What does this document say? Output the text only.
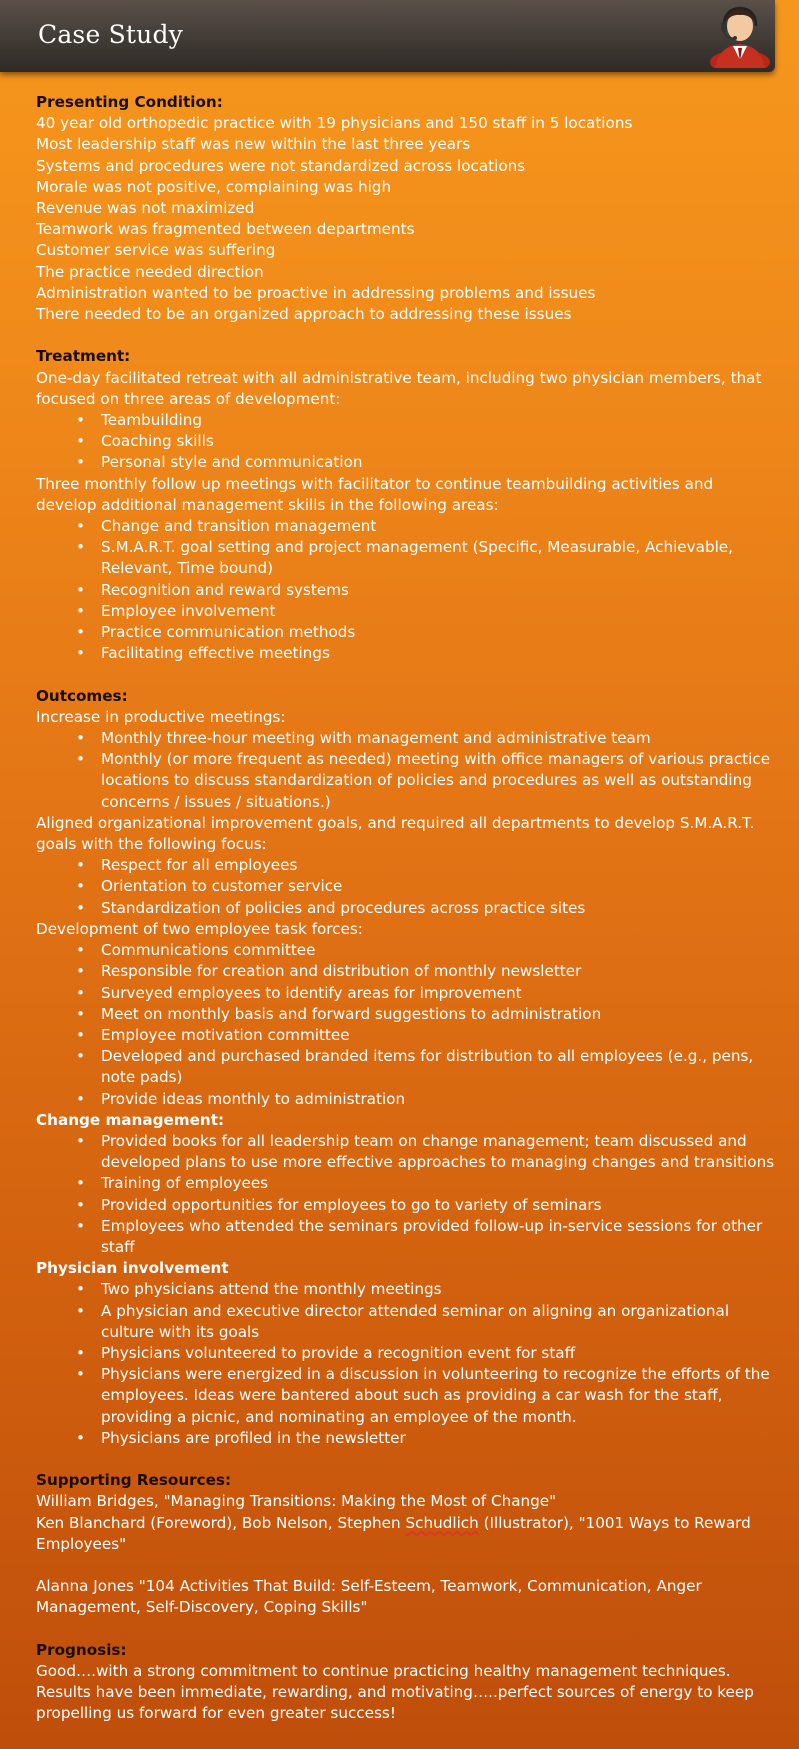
Case Study
Presenting Condition:
40 year old orthopedic practice with 19 physicians and 150 staff in 5 locations
Most leadership staff was new within the last three years
Systems and procedures were not standardized across locations
Morale was not positive, complaining was high
Revenue was not maximized
Teamwork was fragmented between departments
Customer service was suffering
The practice needed direction
Administration wanted to be proactive in addressing problems and issues
There needed to be an organized approach to addressing these issues
Treatment:
One-day facilitated retreat with all administrative team, including two physician members, that focused on three areas of development:
• Teambuilding
• Coaching skills
• Personal style and communication
Three monthly follow up meetings with facilitator to continue teambuilding activities and develop additional management skills in the following areas:
• Change and transition management
• S.M.A.R.T. goal setting and project management (Specific, Measurable, Achievable, Relevant, Time bound)
• Recognition and reward systems
• Employee involvement
• Practice communication methods
• Facilitating effective meetings
Outcomes:
Increase in productive meetings:
• Monthly three-hour meeting with management and administrative team
• Monthly (or more frequent as needed) meeting with office managers of various practice locations to discuss standardization of policies and procedures as well as outstanding concerns / issues / situations.)
Aligned organizational improvement goals, and required all departments to develop S.M.A.R.T. goals with the following focus:
• Respect for all employees
• Orientation to customer service
• Standardization of policies and procedures across practice sites
Development of two employee task forces:
• Communications committee
• Responsible for creation and distribution of monthly newsletter
• Surveyed employees to identify areas for improvement
• Meet on monthly basis and forward suggestions to administration
• Employee motivation committee
• Developed and purchased branded items for distribution to all employees (e.g., pens, note pads)
• Provide ideas monthly to administration
Change management:
• Provided books for all leadership team on change management; team discussed and developed plans to use more effective approaches to managing changes and transitions
• Training of employees
• Provided opportunities for employees to go to variety of seminars
• Employees who attended the seminars provided follow-up in-service sessions for other staff
Physician involvement
• Two physicians attend the monthly meetings
• A physician and executive director attended seminar on aligning an organizational culture with its goals
• Physicians volunteered to provide a recognition event for staff
• Physicians were energized in a discussion in volunteering to recognize the efforts of the employees. Ideas were bantered about such as providing a car wash for the staff, providing a picnic, and nominating an employee of the month.
• Physicians are profiled in the newsletter
Supporting Resources:
William Bridges, "Managing Transitions: Making the Most of Change"
Ken Blanchard (Foreword), Bob Nelson, Stephen Schudlich (Illustrator), "1001 Ways to Reward Employees"
Alanna Jones "104 Activities That Build: Self-Esteem, Teamwork, Communication, Anger Management, Self-Discovery, Coping Skills"
Prognosis:
Good….with a strong commitment to continue practicing healthy management techniques. Results have been immediate, rewarding, and motivating…..perfect sources of energy to keep propelling us forward for even greater success!
